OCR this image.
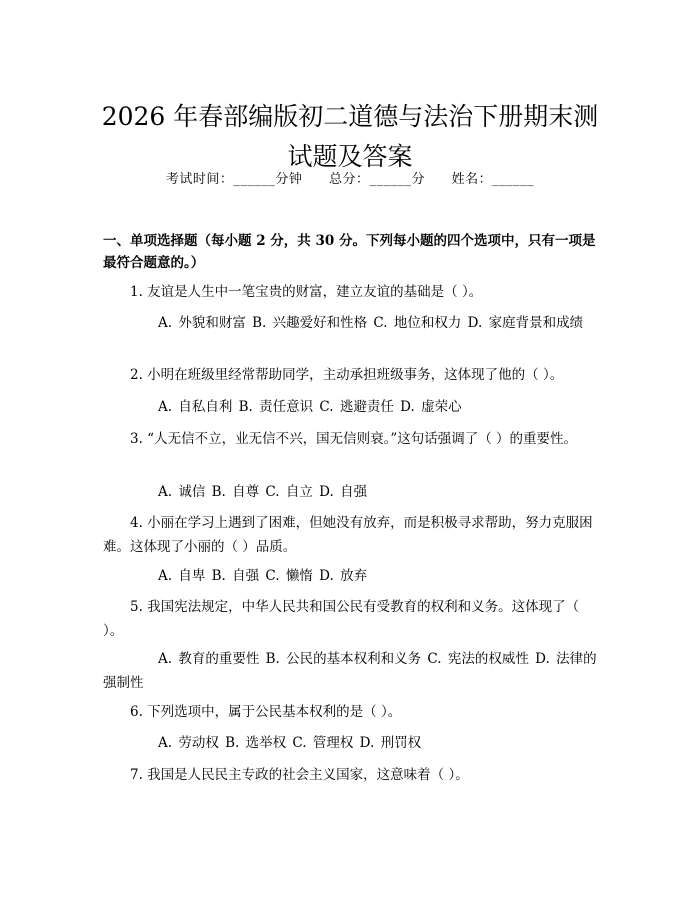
2026 年春部编版初二道德与法治下册期末测
试题及答案
考试时间：______分钟 总分：______分 姓名：______
一、单项选择题（每小题 2 分，共 30 分。下列每小题的四个选项中，只有一项是最符合题意的。）
1. 友谊是人生中一笔宝贵的财富，建立友谊的基础是（ ）。
A. 外貌和财富 B. 兴趣爱好和性格 C. 地位和权力 D. 家庭背景和成绩
2. 小明在班级里经常帮助同学，主动承担班级事务，这体现了他的（ ）。
A. 自私自利 B. 责任意识 C. 逃避责任 D. 虚荣心
3. “人无信不立，业无信不兴，国无信则衰。”这句话强调了（ ）的重要性。
A. 诚信 B. 自尊 C. 自立 D. 自强
4. 小丽在学习上遇到了困难，但她没有放弃，而是积极寻求帮助，努力克服困难。这体现了小丽的（ ）品质。
A. 自卑 B. 自强 C. 懒惰 D. 放弃
5. 我国宪法规定，中华人民共和国公民有受教育的权利和义务。这体现了（ ）。
A. 教育的重要性 B. 公民的基本权利和义务 C. 宪法的权威性 D. 法律的强制性
6. 下列选项中，属于公民基本权利的是（ ）。
A. 劳动权 B. 选举权 C. 管理权 D. 刑罚权
7. 我国是人民民主专政的社会主义国家，这意味着（ ）。
